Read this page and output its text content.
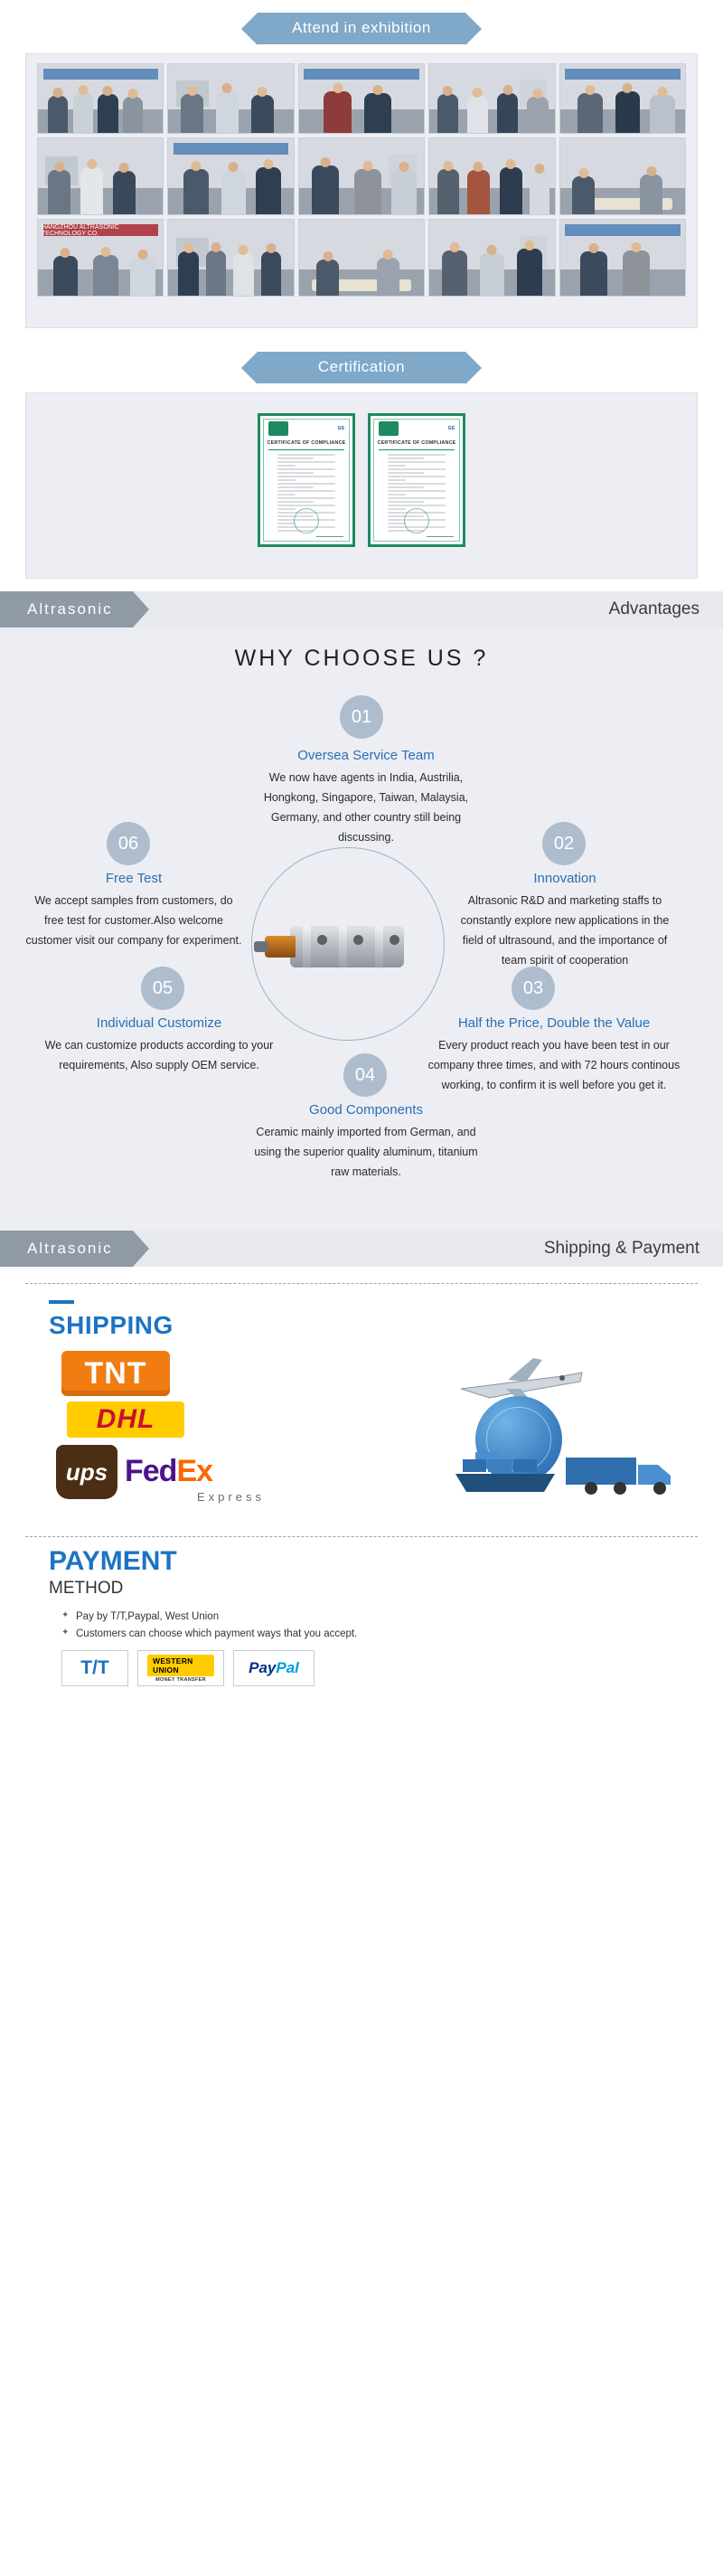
Attend in exhibition
HANGZHOU ALTRASONIC TECHNOLOGY CO.
Certification
GS
CERTIFICATE OF COMPLIANCE
GS
CERTIFICATE OF COMPLIANCE
Altrasonic	Advantages
WHY CHOOSE US ?
01
Oversea Service Team

We now have agents in India, Austrilia, Hongkong, Singapore, Taiwan, Malaysia, Germany, and other country still being discussing.	02
Innovation

Altrasonic R&D and marketing staffs to constantly explore new applications in the field of ultrasound, and the importance of team spirit of cooperation

03
Half the Price, Double the Value

Every product reach you have been test in our company three times, and with 72 hours continous working, to confirm it is well before you get it.

04
Good Components

Ceramic mainly imported from German, and using the superior quality aluminum, titanium raw materials.

05
Individual Customize

We can customize products according to your requirements, Also supply OEM service.

06
Free Test

We accept samples from customers, do free test for customer.Also welcome customer visit our company for experiment.

Altrasonic	Shipping & Payment
SHIPPING
TNT
DHL
ups Fed Ex
Express
PAYMENT
METHOD
✦ Pay by T/T,Paypal, West Union
✦ Customers can choose which payment ways that you accept.
T/T	WESTERN UNION
MONEY TRANSFER
Pay Pal
